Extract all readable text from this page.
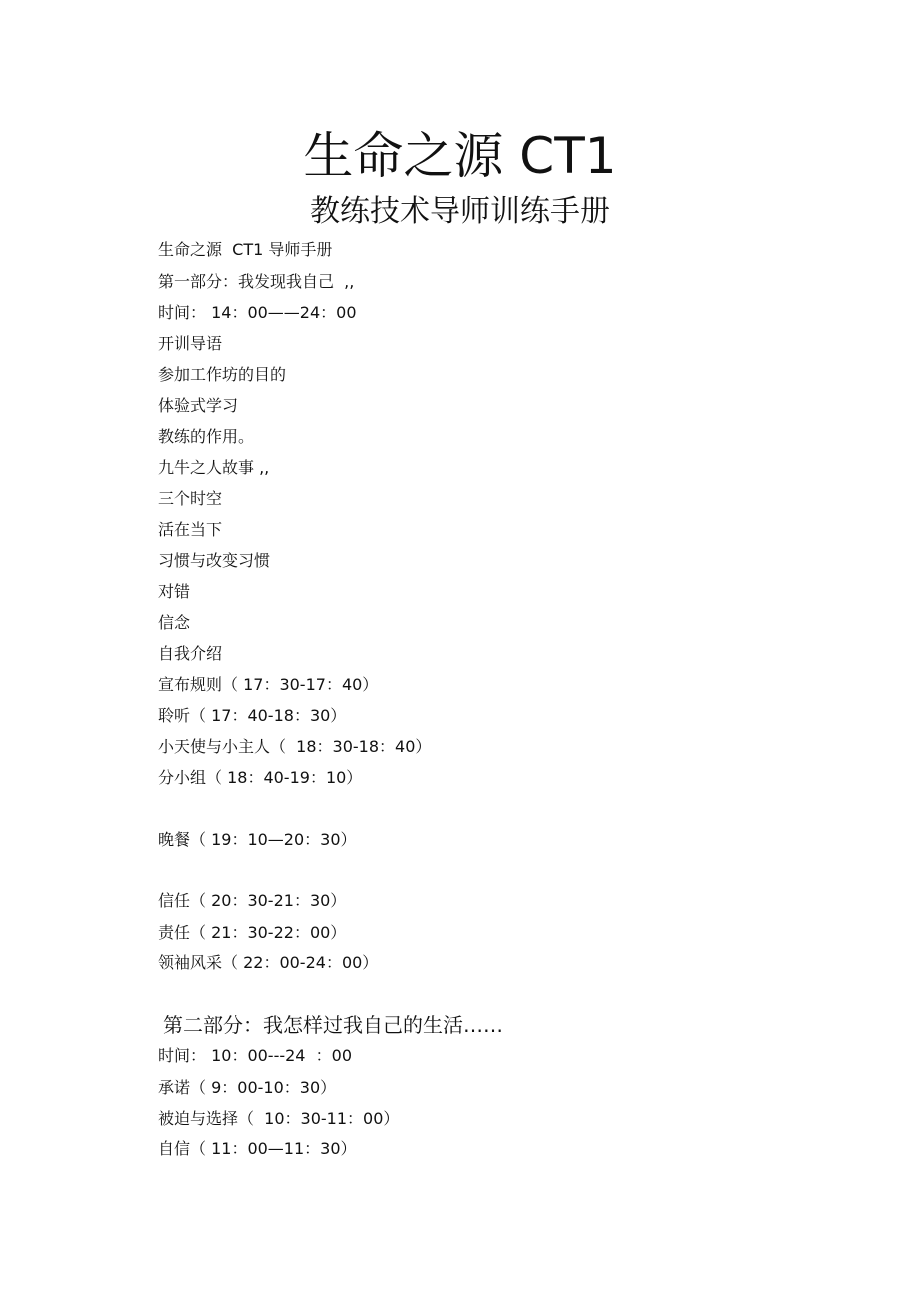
生命之源 CT1
教练技术导师训练手册
生命之源  CT1 导师手册
第一部分：我发现我自己  ,,
时间： 14：00——24：00
开训导语
参加工作坊的目的
体验式学习
教练的作用。
九牛之人故事 ,,
三个时空
活在当下
习惯与改变习惯
对错
信念
自我介绍
宣布规则（ 17：30-17：40）
聆听（ 17：40-18：30）
小天使与小主人（  18：30-18：40）
分小组（ 18：40-19：10）
晚餐（ 19：10—20：30）
信任（ 20：30-21：30）
责任（ 21：30-22：00）
领袖风采（ 22：00-24：00）
第二部分：我怎样过我自己的生活……
时间： 10：00---24  ：00
承诺（ 9：00-10：30）
被迫与选择（  10：30-11：00）
自信（ 11：00—11：30）
